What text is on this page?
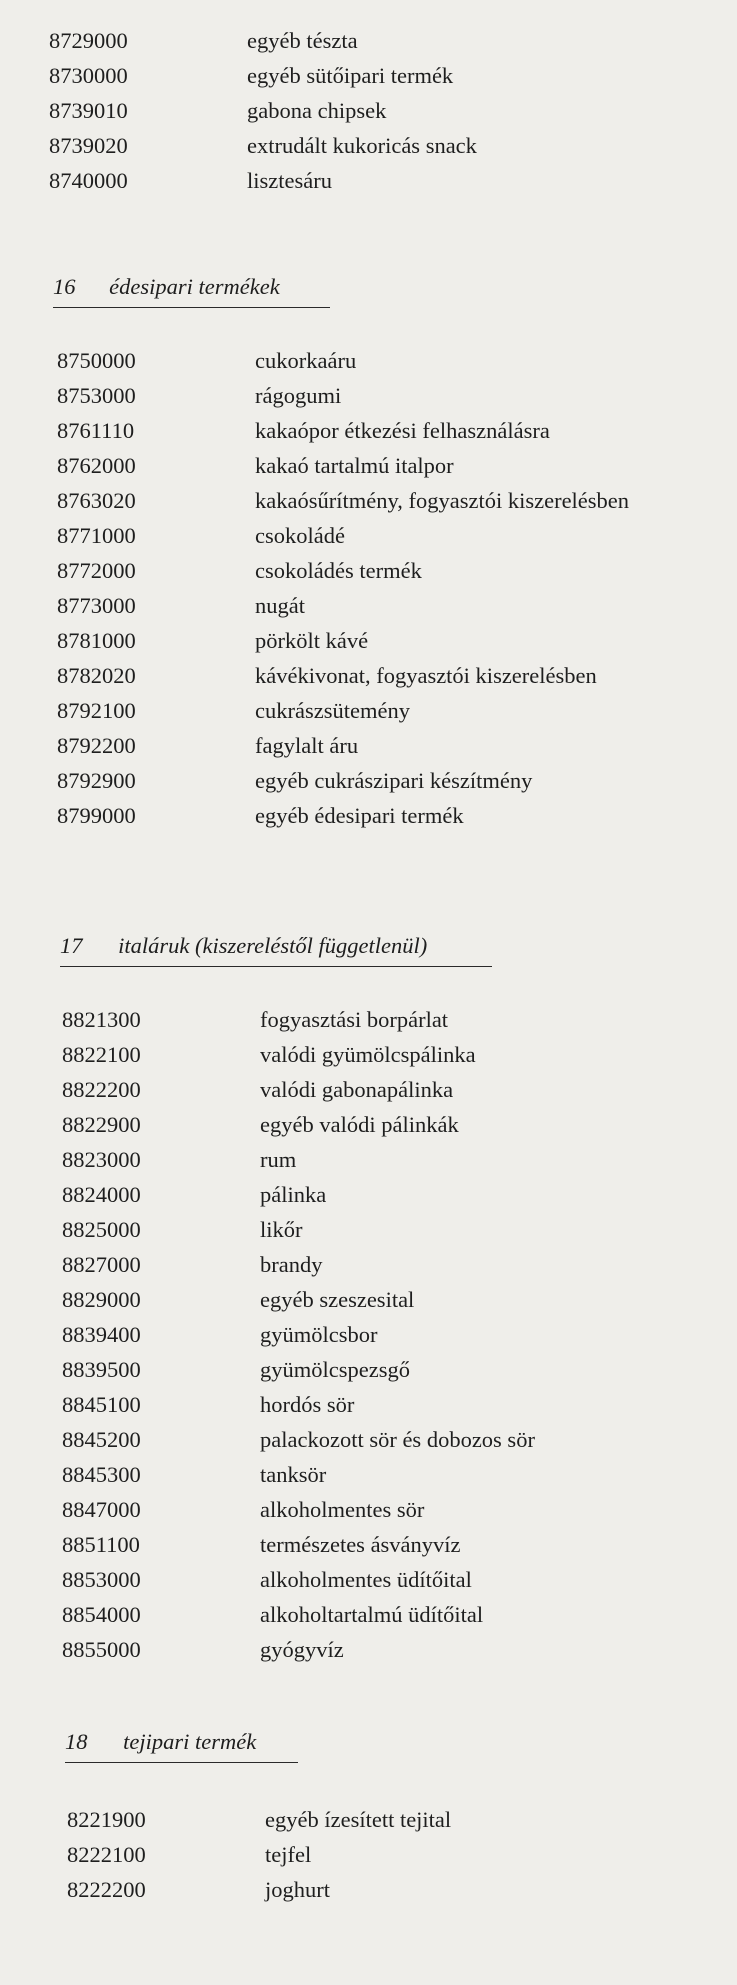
8729000	egyéb tészta
8730000	egyéb sütőipari termék
8739010	gabona chipsek
8739020	extrudált kukoricás snack
8740000	lisztesáru
16 édesipari termékek
8750000	cukorkaáru
8753000	rágogumi
8761110	kakaópor étkezési felhasználásra
8762000	kakaó tartalmú italpor
8763020	kakaósűrítmény, fogyasztói kiszerelésben
8771000	csokoládé
8772000	csokoládés termék
8773000	nugát
8781000	pörkölt kávé
8782020	kávékivonat, fogyasztói kiszerelésben
8792100	cukrászsütemény
8792200	fagylalt áru
8792900	egyéb cukrászipari készítmény
8799000	egyéb édesipari termék
17 italáruk (kiszereléstől függetlenül)
8821300	fogyasztási borpárlat
8822100	valódi gyümölcspálinka
8822200	valódi gabonapálinka
8822900	egyéb valódi pálinkák
8823000	rum
8824000	pálinka
8825000	likőr
8827000	brandy
8829000	egyéb szeszesital
8839400	gyümölcsbor
8839500	gyümölcspezsgő
8845100	hordós sör
8845200	palackozott sör és dobozos sör
8845300	tanksör
8847000	alkoholmentes sör
8851100	természetes ásványvíz
8853000	alkoholmentes üdítőital
8854000	alkoholtartalmú üdítőital
8855000	gyógyvíz
18 tejipari termék
8221900	egyéb ízesített tejital
8222100	tejfel
8222200	joghurt
